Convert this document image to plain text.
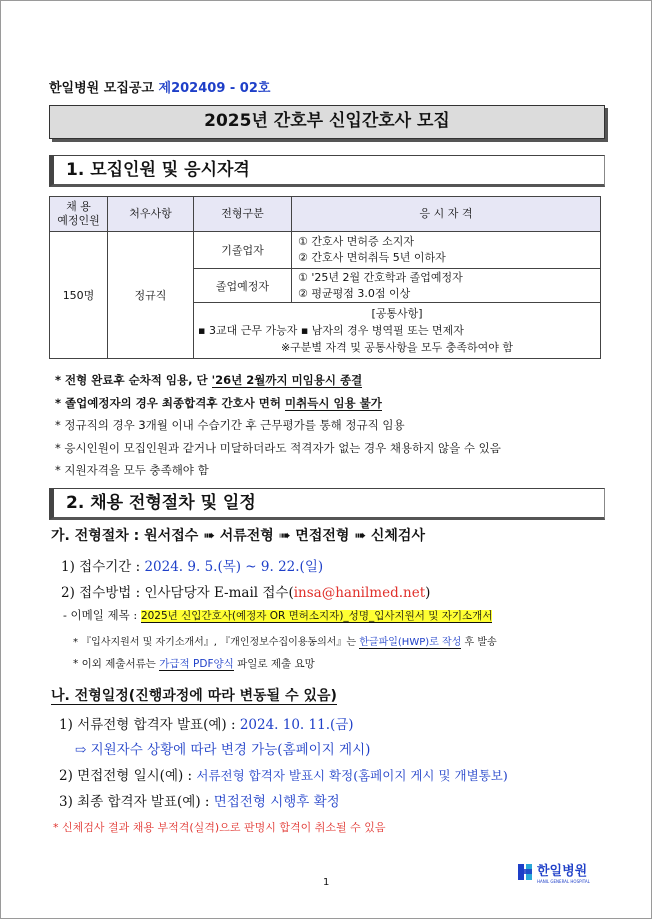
한일병원 모집공고 제202409 - 02호
2025년 간호부 신입간호사 모집
1. 모집인원 및 응시자격
채 용
예정인원	처우사항	전형구분	응 시 자 격
150명	정규직	기졸업자	① 간호사 면허증 소지자
② 간호사 면허취득 5년 이하자

		졸업예정자	① '25년 2월 간호학과 졸업예정자
② 평균평점 3.0점 이상

		[공통사항]
▪ 3교대 근무 가능자 ▪ 남자의 경우 병역필 또는 면제자
※구분별 자격 및 공통사항을 모두 충족하여야 함	
* 전형 완료후 순차적 임용, 단 '26년 2월까지 미임용시 종결
* 졸업예정자의 경우 최종합격후 간호사 면허 미취득시 임용 불가
* 정규직의 경우 3개월 이내 수습기간 후 근무평가를 통해 정규직 임용
* 응시인원이 모집인원과 같거나 미달하더라도 적격자가 없는 경우 채용하지 않을 수 있음
* 지원자격을 모두 충족해야 함
2. 채용 전형절차 및 일정
가. 전형절차 : 원서접수 ➠ 서류전형 ➠ 면접전형 ➠ 신체검사
1) 접수기간 : 2024. 9. 5.(목) ~ 9. 22.(일)
2) 접수방법 : 인사담당자 E-mail 접수(insa@hanilmed.net)
- 이메일 제목 : 2025년 신입간호사(예정자 OR 면허소지자)_성명_입사지원서 및 자기소개서
* 『입사지원서 및 자기소개서』, 『개인정보수집이용동의서』는 한글파일(HWP)로 작성 후 발송
* 이외 제출서류는 가급적 PDF양식 파일로 제출 요망
나. 전형일정(진행과정에 따라 변동될 수 있음)
1) 서류전형 합격자 발표(예) : 2024. 10. 11.(금)
⇨ 지원자수 상황에 따라 변경 가능(홈페이지 게시)
2) 면접전형 일시(예) : 서류전형 합격자 발표시 확정(홈페이지 게시 및 개별통보)
3) 최종 합격자 발표(예) : 면접전형 시행후 확정
* 신체검사 결과 채용 부적격(실격)으로 판명시 합격이 취소될 수 있음
1
한일병원
HANIL GENERAL HOSPITAL
